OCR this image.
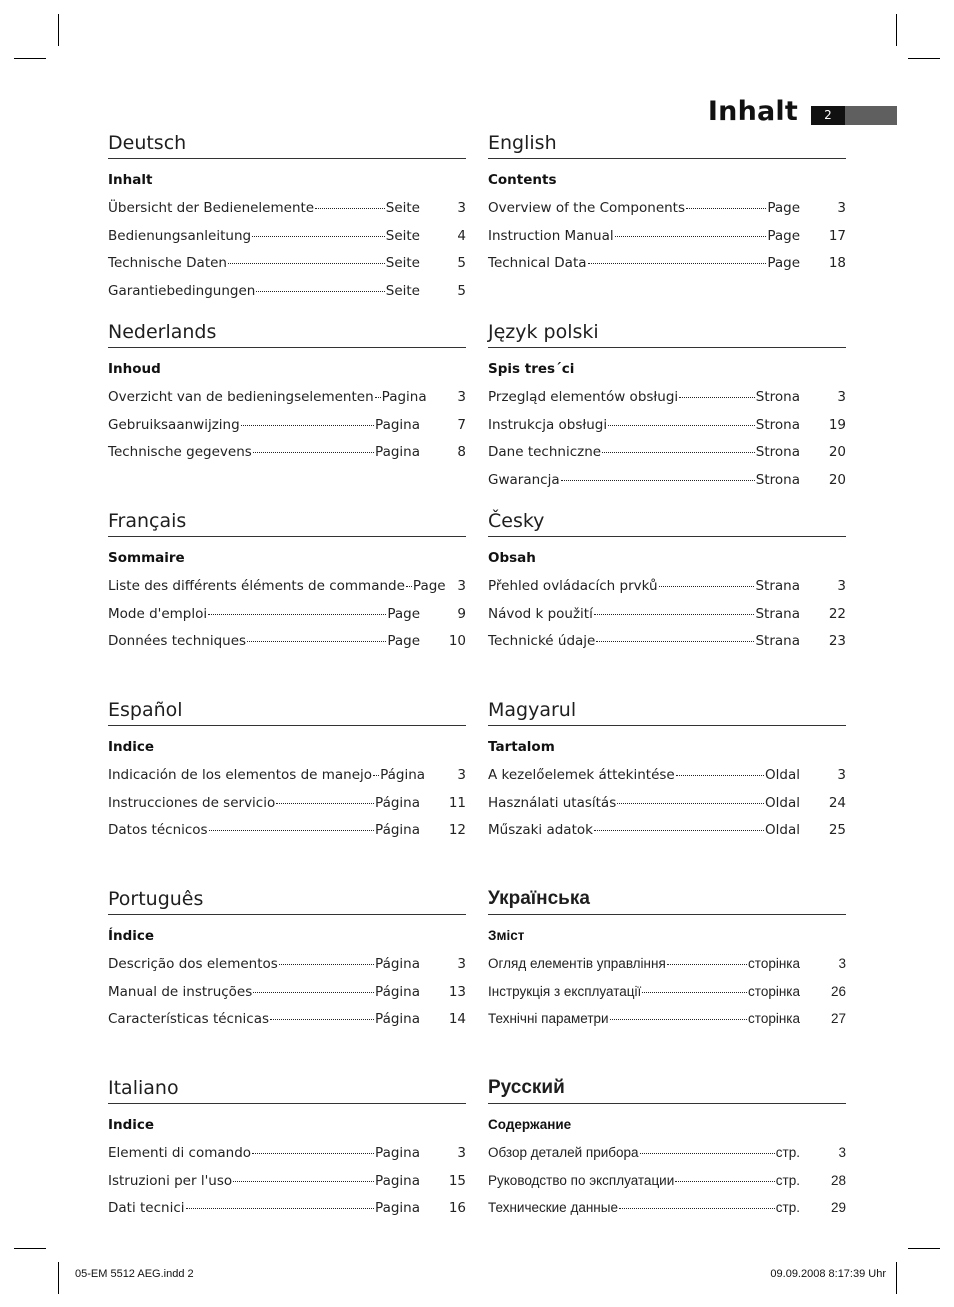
Inhalt	2
Deutsch
Inhalt
Übersicht der Bedienelemente	Seite	3
Bedienungsanleitung	Seite	4
Technische Daten	Seite	5
Garantiebedingungen	Seite	5
English
Contents
Overview of the Components	Page	3
Instruction Manual	Page	17
Technical Data	Page	18
Nederlands
Inhoud
Overzicht van de bedieningselementen Pagina	3
Gebruiksaanwijzing	Pagina	7
Technische gegevens	Pagina	8
Język polski
Spis tres´ci
Przegląd elementów obsługi	Strona	3
Instrukcja obsługi	Strona	19
Dane techniczne	Strona	20
Gwarancja	Strona	20
Français
Sommaire
Liste des différents éléments de commande Page 3
Mode d'emploi	Page	9
Données techniques	Page	10
Česky
Obsah
Přehled ovládacích prvků	Strana	3
Návod k použití	Strana	22
Technické údaje	Strana	23
Español
Indice
Indicación de los elementos de manejo Página	3
Instrucciones de servicio	Página	11
Datos técnicos	Página	12
Magyarul
Tartalom
A kezelőelemek áttekintése	Oldal	3
Használati utasítás	Oldal	24
Műszaki adatok	Oldal	25
Português
Índice
Descrição dos elementos	Página	3
Manual de instruções	Página	13
Características técnicas	Página	14
Українська
Зміст
Огляд елементів управління	сторінка	3
Інструкція з експлуатації	сторінка	26
Технічні параметри	сторінка	27
Italiano
Indice
Elementi di comando	Pagina	3
Istruzioni per l'uso	Pagina	15
Dati tecnici	Pagina	16
Русский
Содержание
Обзор деталей прибора	стр.	3
Руководство по эксплуатации	стр.	28
Технические данные	стр.	29
05-EM 5512 AEG.indd 2	09.09.2008 8:17:39 Uhr
